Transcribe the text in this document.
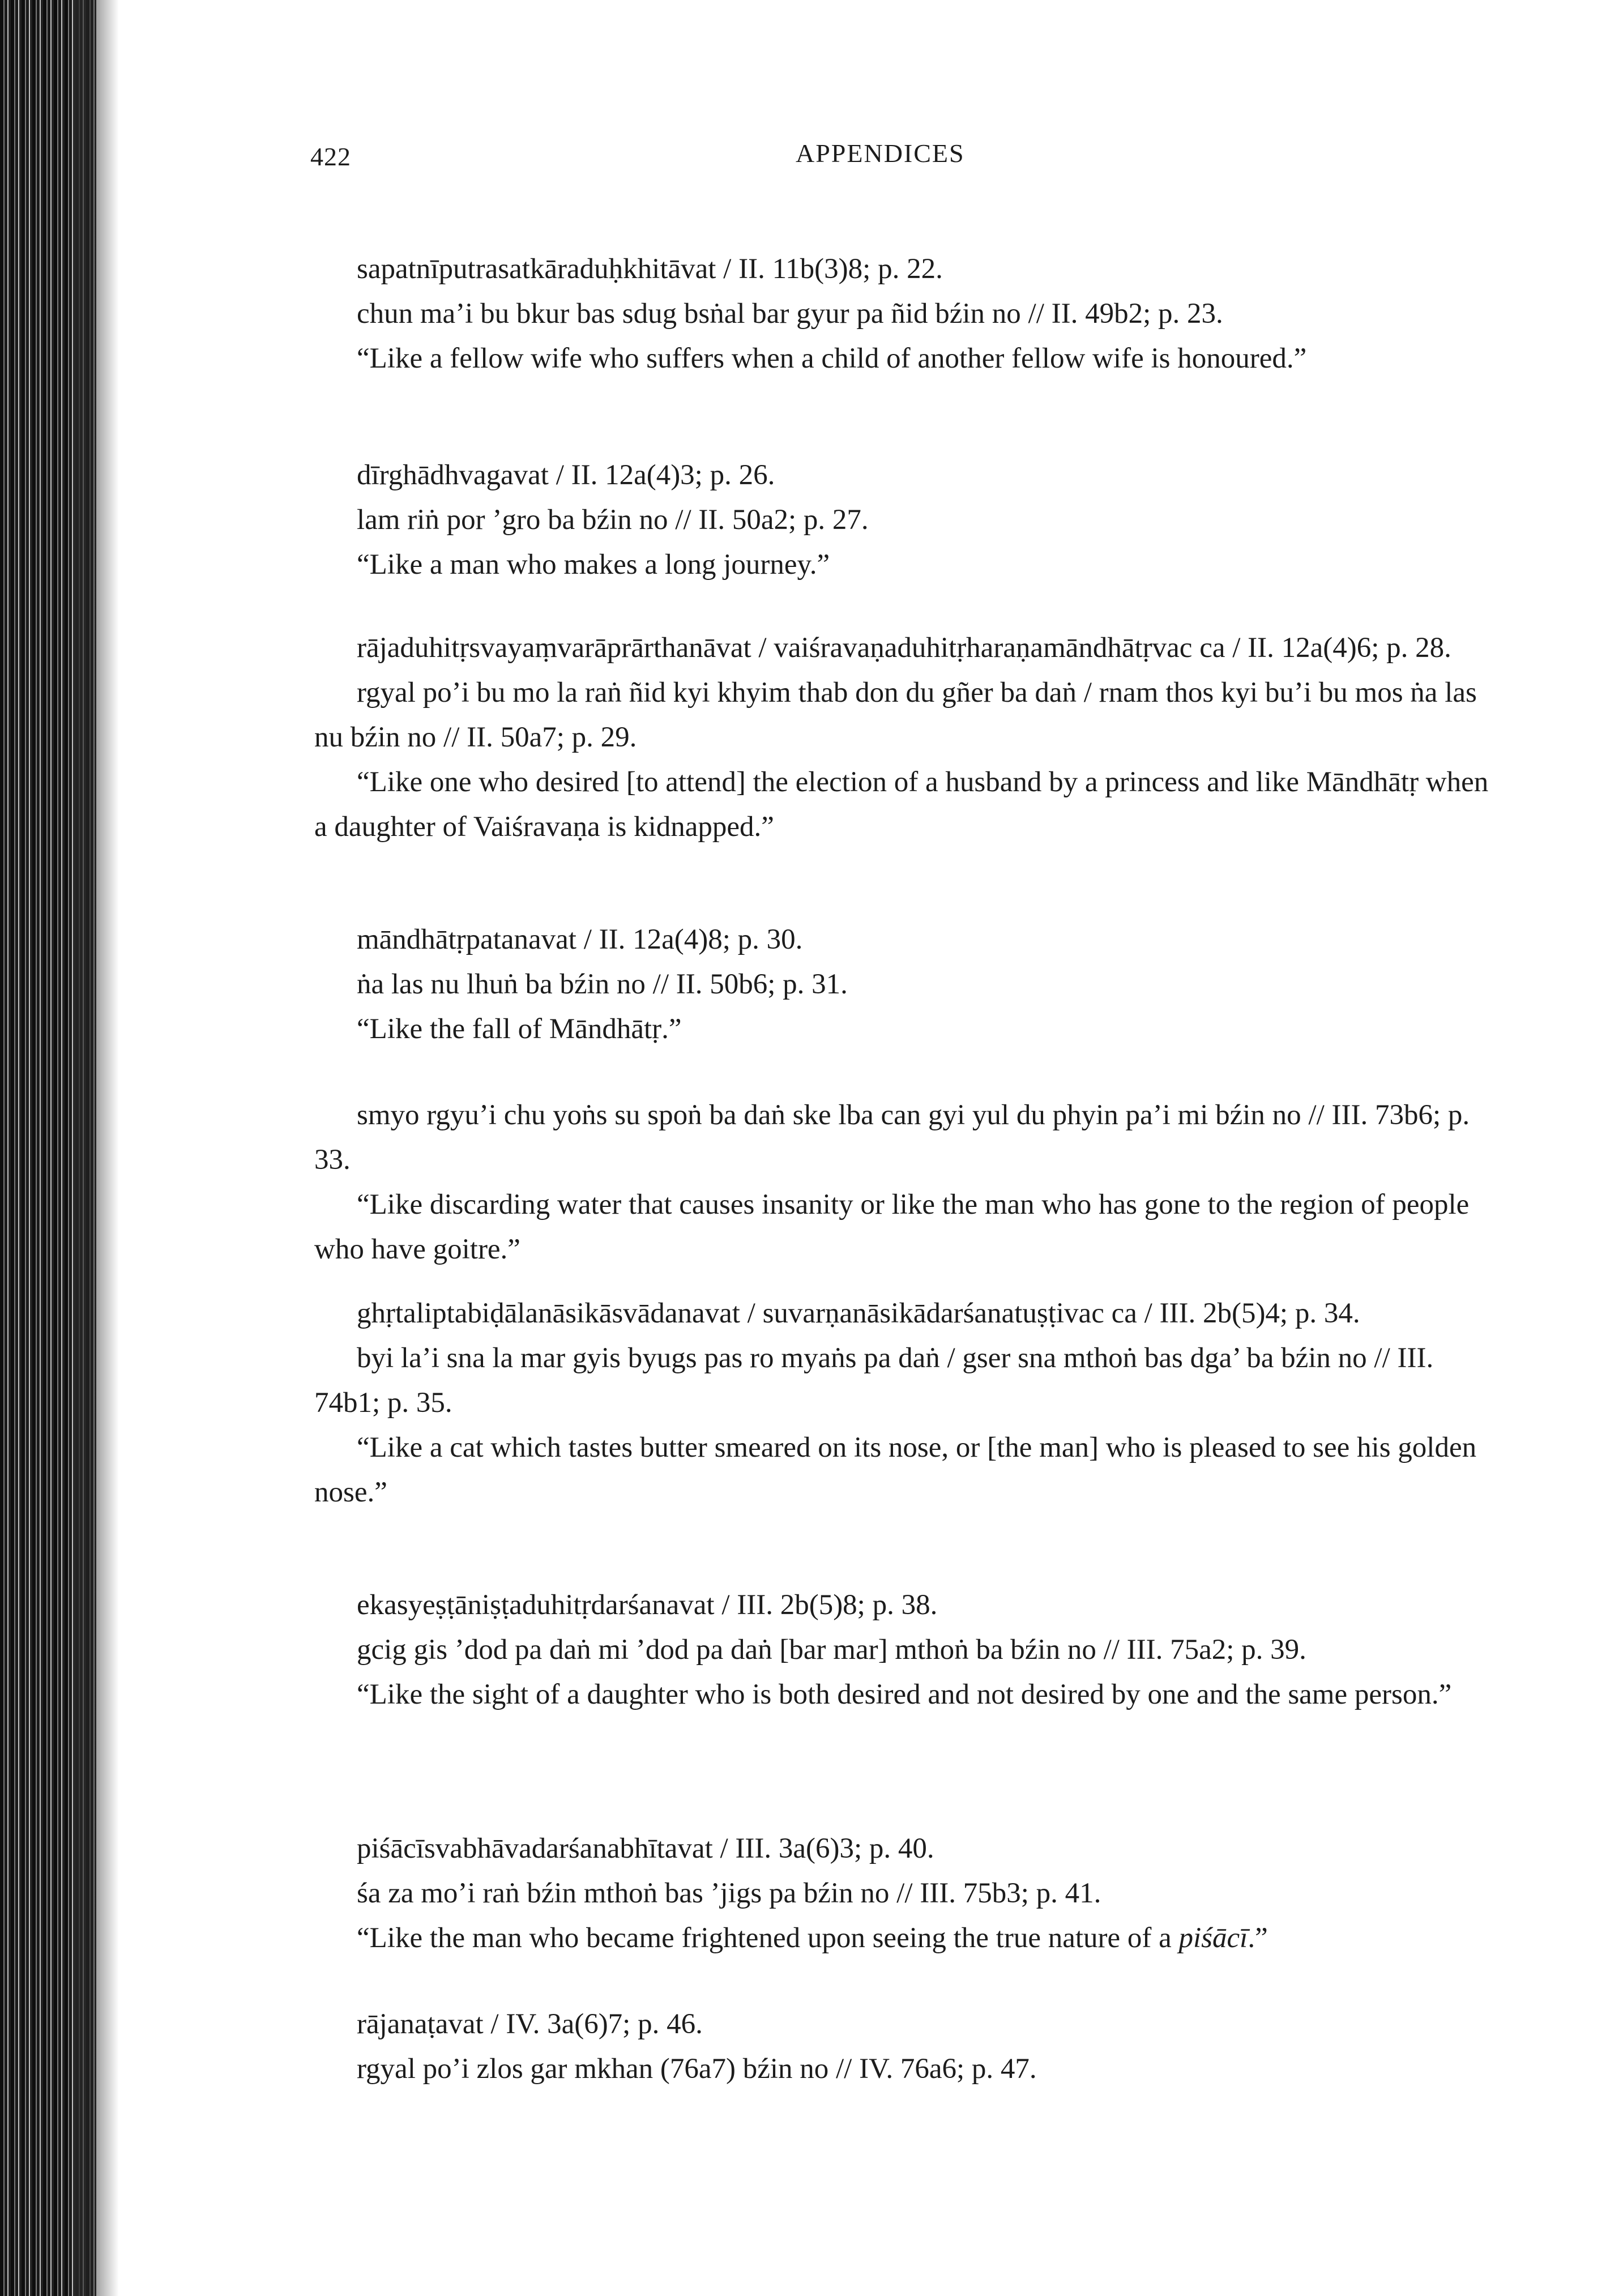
422	APPENDICES

sapatnīputrasatkāraduḥkhitāvat / II. 11b(3)8; p. 22.

chun ma’i bu bkur bas sdug bsṅal bar gyur pa ñid bźin no // II. 49b2; p. 23.

“Like a fellow wife who suffers when a child of another fellow wife is honoured.”

dīrghādhvagavat / II. 12a(4)3; p. 26.

lam riṅ por ’gro ba bźin no // II. 50a2; p. 27.

“Like a man who makes a long journey.”

rājaduhitṛsvayaṃvarāprārthanāvat / vaiśravaṇaduhitṛharaṇamāndhātṛvac ca / II. 12a(4)6; p. 28.

rgyal po’i bu mo la raṅ ñid kyi khyim thab don du gñer ba daṅ / rnam thos kyi bu’i bu mos ṅa las nu bźin no // II. 50a7; p. 29.

“Like one who desired [to attend] the election of a husband by a princess and like Māndhātṛ when a daughter of Vaiśravaṇa is kidnapped.”

māndhātṛpatanavat / II. 12a(4)8; p. 30.

ṅa las nu lhuṅ ba bźin no // II. 50b6; p. 31.

“Like the fall of Māndhātṛ.”

smyo rgyu’i chu yoṅs su spoṅ ba daṅ ske lba can gyi yul du phyin pa’i mi bźin no // III. 73b6; p. 33.

“Like discarding water that causes insanity or like the man who has gone to the region of people who have goitre.”

ghṛtaliptabiḍālanāsikāsvādanavat / suvarṇanāsikādarśanatuṣṭivac ca / III. 2b(5)4; p. 34.

byi la’i sna la mar gyis byugs pas ro myaṅs pa daṅ / gser sna mthoṅ bas dga’ ba bźin no // III. 74b1; p. 35.

“Like a cat which tastes butter smeared on its nose, or [the man] who is pleased to see his golden nose.”

ekasyeṣṭāniṣṭaduhitṛdarśanavat / III. 2b(5)8; p. 38.

gcig gis ’dod pa daṅ mi ’dod pa daṅ [bar mar] mthoṅ ba bźin no // III. 75a2; p. 39.

“Like the sight of a daughter who is both desired and not desired by one and the same person.”

piśācīsvabhāvadarśanabhītavat / III. 3a(6)3; p. 40.

śa za mo’i raṅ bźin mthoṅ bas ’jigs pa bźin no // III. 75b3; p. 41.

“Like the man who became frightened upon seeing the true nature of a piśācī.”

rājanaṭavat / IV. 3a(6)7; p. 46.

rgyal po’i zlos gar mkhan (76a7) bźin no // IV. 76a6; p. 47.
